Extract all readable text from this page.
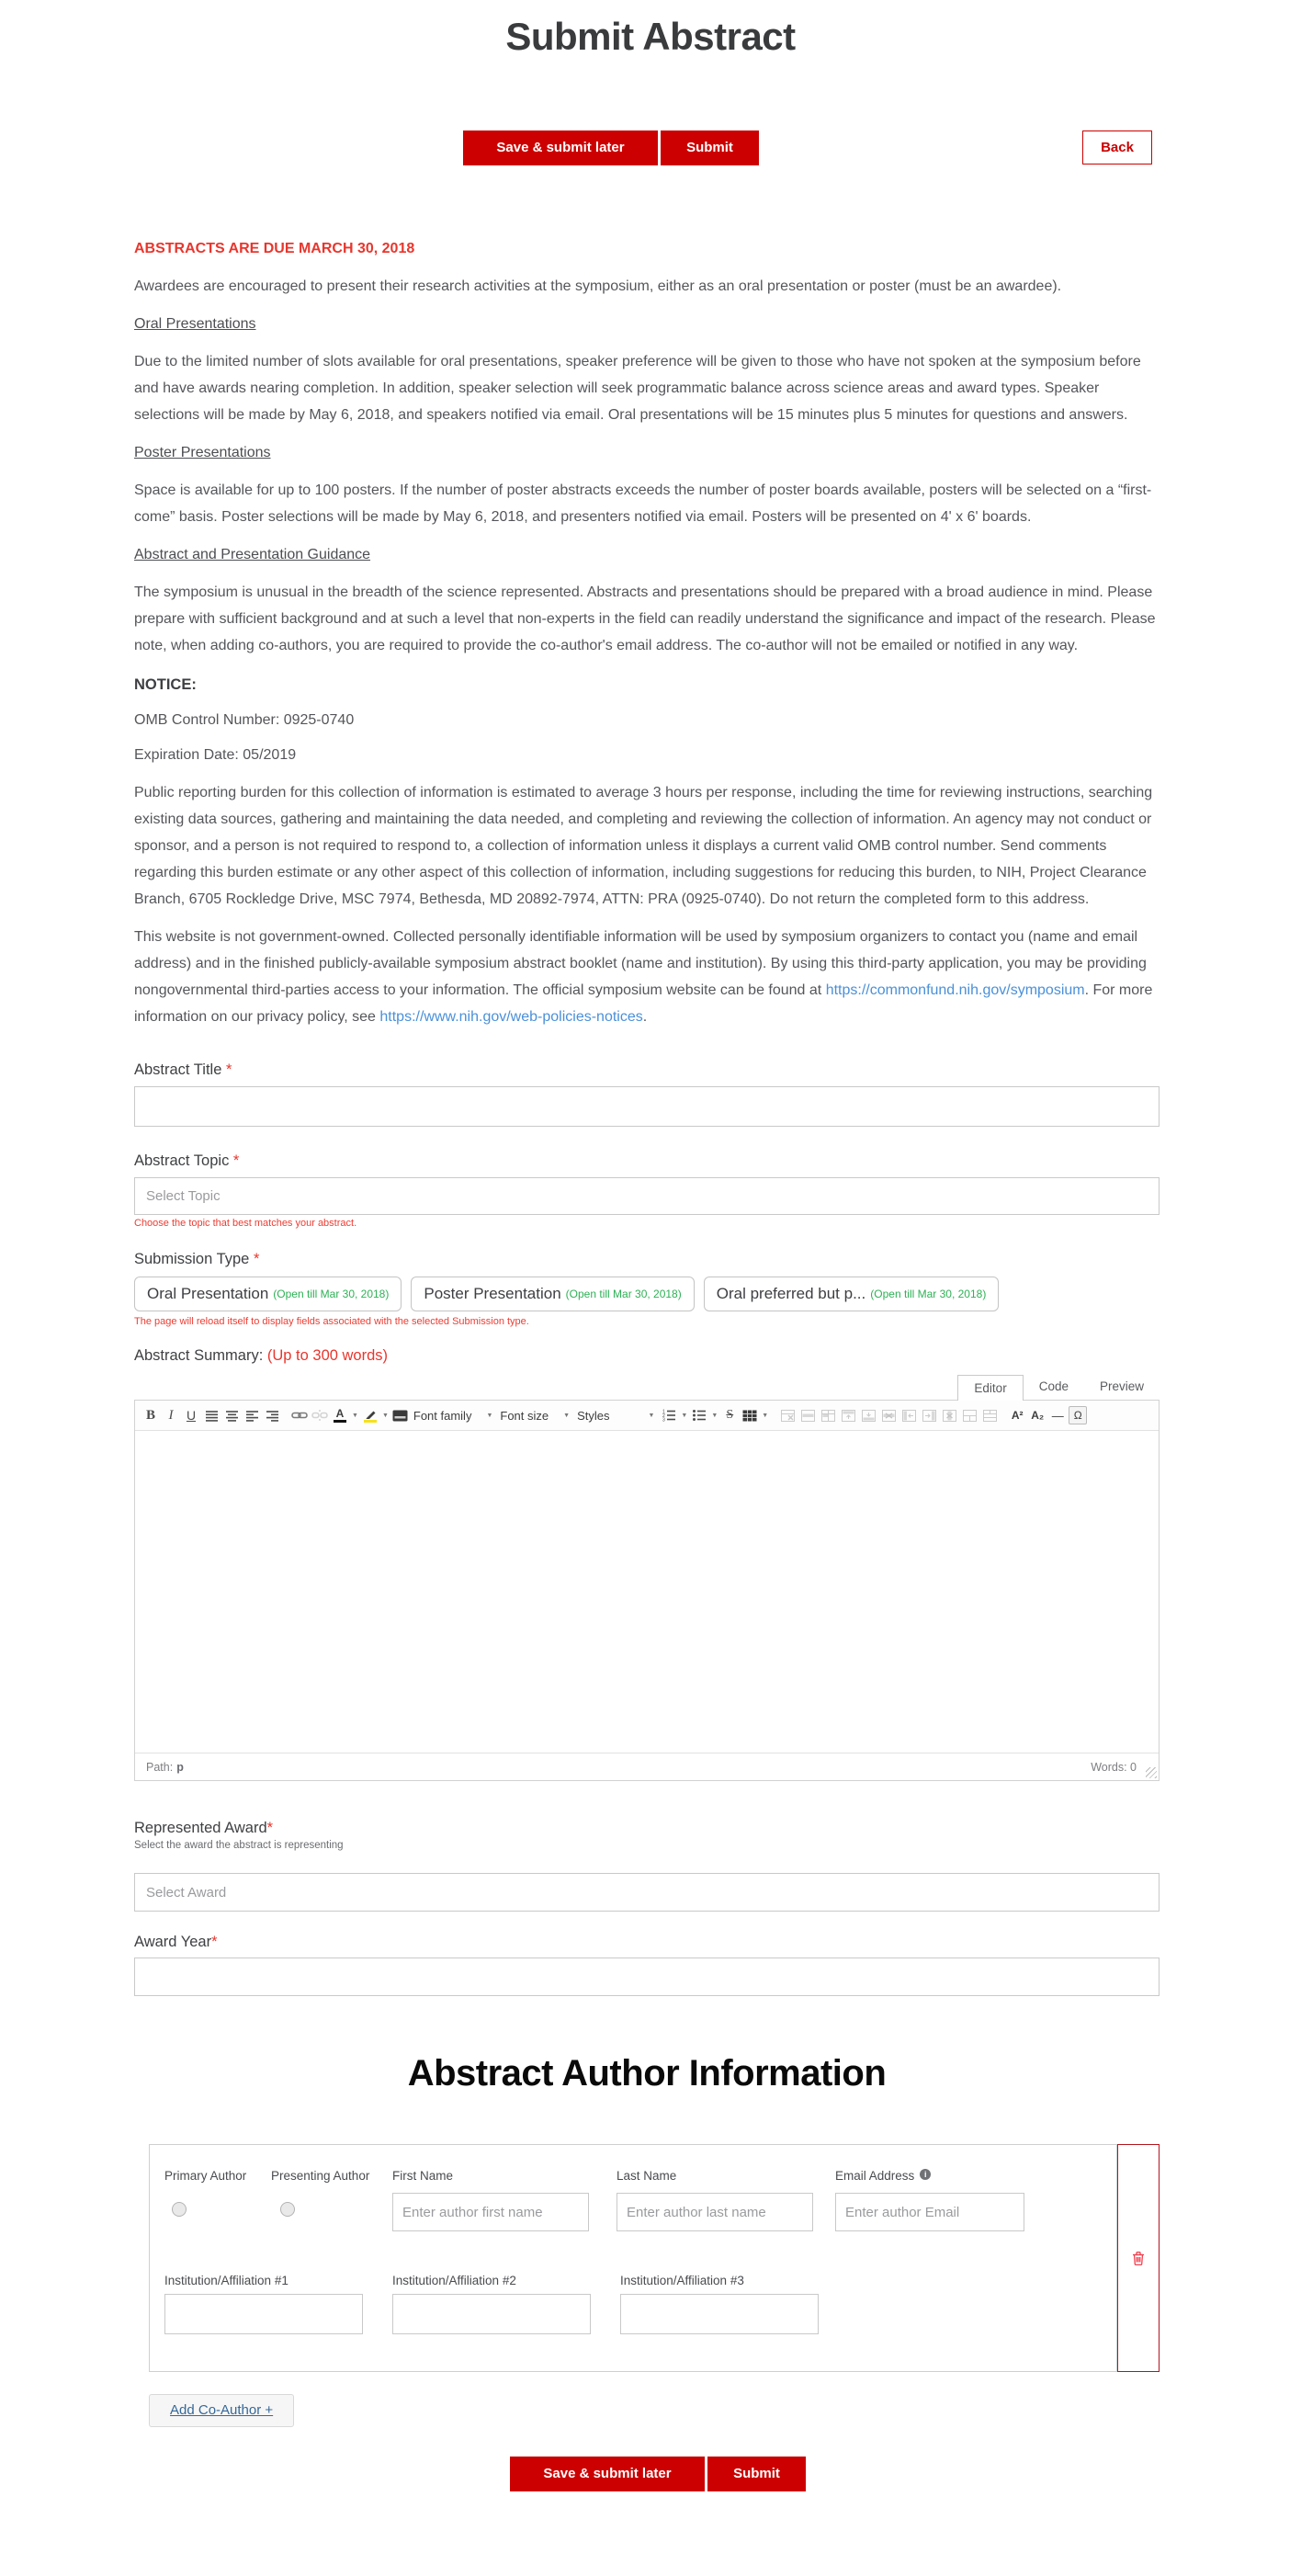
Submit Abstract
Save & submit later	Submit	Back
ABSTRACTS ARE DUE MARCH 30, 2018

Awardees are encouraged to present their research activities at the symposium, either as an oral presentation or poster (must be an awardee).

Oral Presentations

Due to the limited number of slots available for oral presentations, speaker preference will be given to those who have not spoken at the symposium before and have awards nearing completion. In addition, speaker selection will seek programmatic balance across science areas and award types. Speaker selections will be made by May 6, 2018, and speakers notified via email. Oral presentations will be 15 minutes plus 5 minutes for questions and answers.

Poster Presentations

Space is available for up to 100 posters. If the number of poster abstracts exceeds the number of poster boards available, posters will be selected on a “first-come” basis. Poster selections will be made by May 6, 2018, and presenters notified via email. Posters will be presented on 4' x 6' boards.

Abstract and Presentation Guidance

The symposium is unusual in the breadth of the science represented. Abstracts and presentations should be prepared with a broad audience in mind. Please prepare with sufficient background and at such a level that non-experts in the field can readily understand the significance and impact of the research. Please note, when adding co-authors, you are required to provide the co-author's email address. The co-author will not be emailed or notified in any way.

NOTICE:
OMB Control Number: 0925-0740
Expiration Date: 05/2019

Public reporting burden for this collection of information is estimated to average 3 hours per response, including the time for reviewing instructions, searching existing data sources, gathering and maintaining the data needed, and completing and reviewing the collection of information. An agency may not conduct or sponsor, and a person is not required to respond to, a collection of information unless it displays a current valid OMB control number. Send comments regarding this burden estimate or any other aspect of this collection of information, including suggestions for reducing this burden, to NIH, Project Clearance Branch, 6705 Rockledge Drive, MSC 7974, Bethesda, MD 20892-7974, ATTN: PRA (0925-0740). Do not return the completed form to this address.

This website is not government-owned. Collected personally identifiable information will be used by symposium organizers to contact you (name and email address) and in the finished publicly-available symposium abstract booklet (name and institution). By using this third-party application, you may be providing nongovernmental third-parties access to your information. The official symposium website can be found at https://commonfund.nih.gov/symposium. For more information on our privacy policy, see https://www.nih.gov/web-policies-notices.

Abstract Title *
Abstract Topic *
Select Topic
Choose the topic that best matches your abstract.
Submission Type *
Oral Presentation (Open till Mar 30, 2018) Poster Presentation (Open till Mar 30, 2018) Oral preferred but p... (Open till Mar 30, 2018)
The page will reload itself to display fields associated with the selected Submission type.
Abstract Summary: (Up to 300 words)
Editor	Code	Preview
B I U	A ▼	▼ Font family ▼ Font size ▼ Styles	▼ 1
2
3
▼	▼ S	▼	A² A₂ — Ω
Path: p	Words: 0
Represented Award*
Select the award the abstract is representing
Select Award
Award Year*
Abstract Author Information
Primary Author Presenting Author First Name	Last Name	Email Address i
Enter author first name
Enter author last name
Enter author Email
Institution/Affiliation #1	Institution/Affiliation #2	Institution/Affiliation #3
Add Co-Author +
Save & submit later	Submit
